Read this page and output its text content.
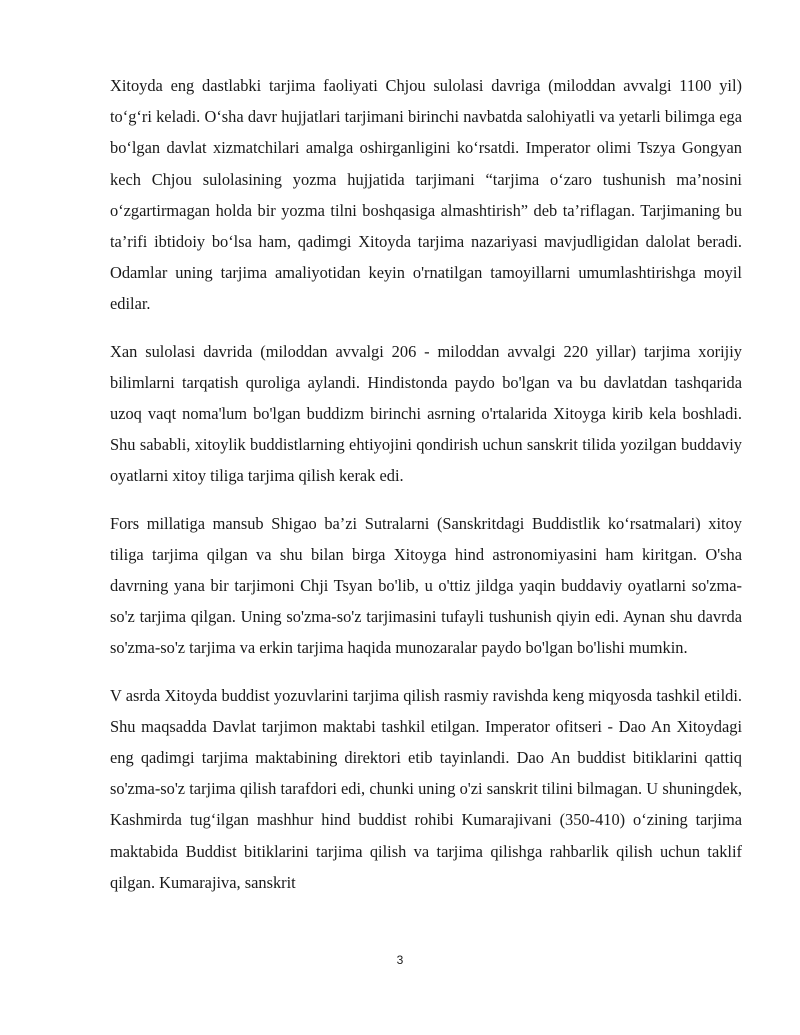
Xitoyda eng dastlabki tarjima faoliyati Chjou sulolasi davriga (miloddan avvalgi 1100 yil) to‘g‘ri keladi. O‘sha davr hujjatlari tarjimani birinchi navbatda salohiyatli va yetarli bilimga ega bo‘lgan davlat xizmatchilari amalga oshirganligini ko‘rsatdi. Imperator olimi Tszya Gongyan kech Chjou sulolasining yozma hujjatida tarjimani “tarjima o‘zaro tushunish ma’nosini o‘zgartirmagan holda bir yozma tilni boshqasiga almashtirish” deb ta’riflagan. Tarjimaning bu ta’rifi ibtidoiy bo‘lsa ham, qadimgi Xitoyda tarjima nazariyasi mavjudligidan dalolat beradi. Odamlar uning tarjima amaliyotidan keyin o'rnatilgan tamoyillarni umumlashtirishga moyil edilar.

Xan sulolasi davrida (miloddan avvalgi 206 - miloddan avvalgi 220 yillar) tarjima xorijiy bilimlarni tarqatish quroliga aylandi. Hindistonda paydo bo'lgan va bu davlatdan tashqarida uzoq vaqt noma'lum bo'lgan buddizm birinchi asrning o'rtalarida Xitoyga kirib kela boshladi. Shu sababli, xitoylik buddistlarning ehtiyojini qondirish uchun sanskrit tilida yozilgan buddaviy oyatlarni xitoy tiliga tarjima qilish kerak edi.

Fors millatiga mansub Shigao ba’zi Sutralarni (Sanskritdagi Buddistlik ko‘rsatmalari) xitoy tiliga tarjima qilgan va shu bilan birga Xitoyga hind astronomiyasini ham kiritgan. O'sha davrning yana bir tarjimoni Chji Tsyan bo'lib, u o'ttiz jildga yaqin buddaviy oyatlarni so'zma-so'z tarjima qilgan. Uning so'zma-so'z tarjimasini tufayli tushunish qiyin edi. Aynan shu davrda so'zma-so'z tarjima va erkin tarjima haqida munozaralar paydo bo'lgan bo'lishi mumkin.

V asrda Xitoyda buddist yozuvlarini tarjima qilish rasmiy ravishda keng miqyosda tashkil etildi. Shu maqsadda Davlat tarjimon maktabi tashkil etilgan. Imperator ofitseri - Dao An Xitoydagi eng qadimgi tarjima maktabining direktori etib tayinlandi. Dao An buddist bitiklarini qattiq so'zma-so'z tarjima qilish tarafdori edi, chunki uning o'zi sanskrit tilini bilmagan. U shuningdek, Kashmirda tug‘ilgan mashhur hind buddist rohibi Kumarajivani (350-410) o‘zining tarjima maktabida Buddist bitiklarini tarjima qilish va tarjima qilishga rahbarlik qilish uchun taklif qilgan. Kumarajiva, sanskrit

3
